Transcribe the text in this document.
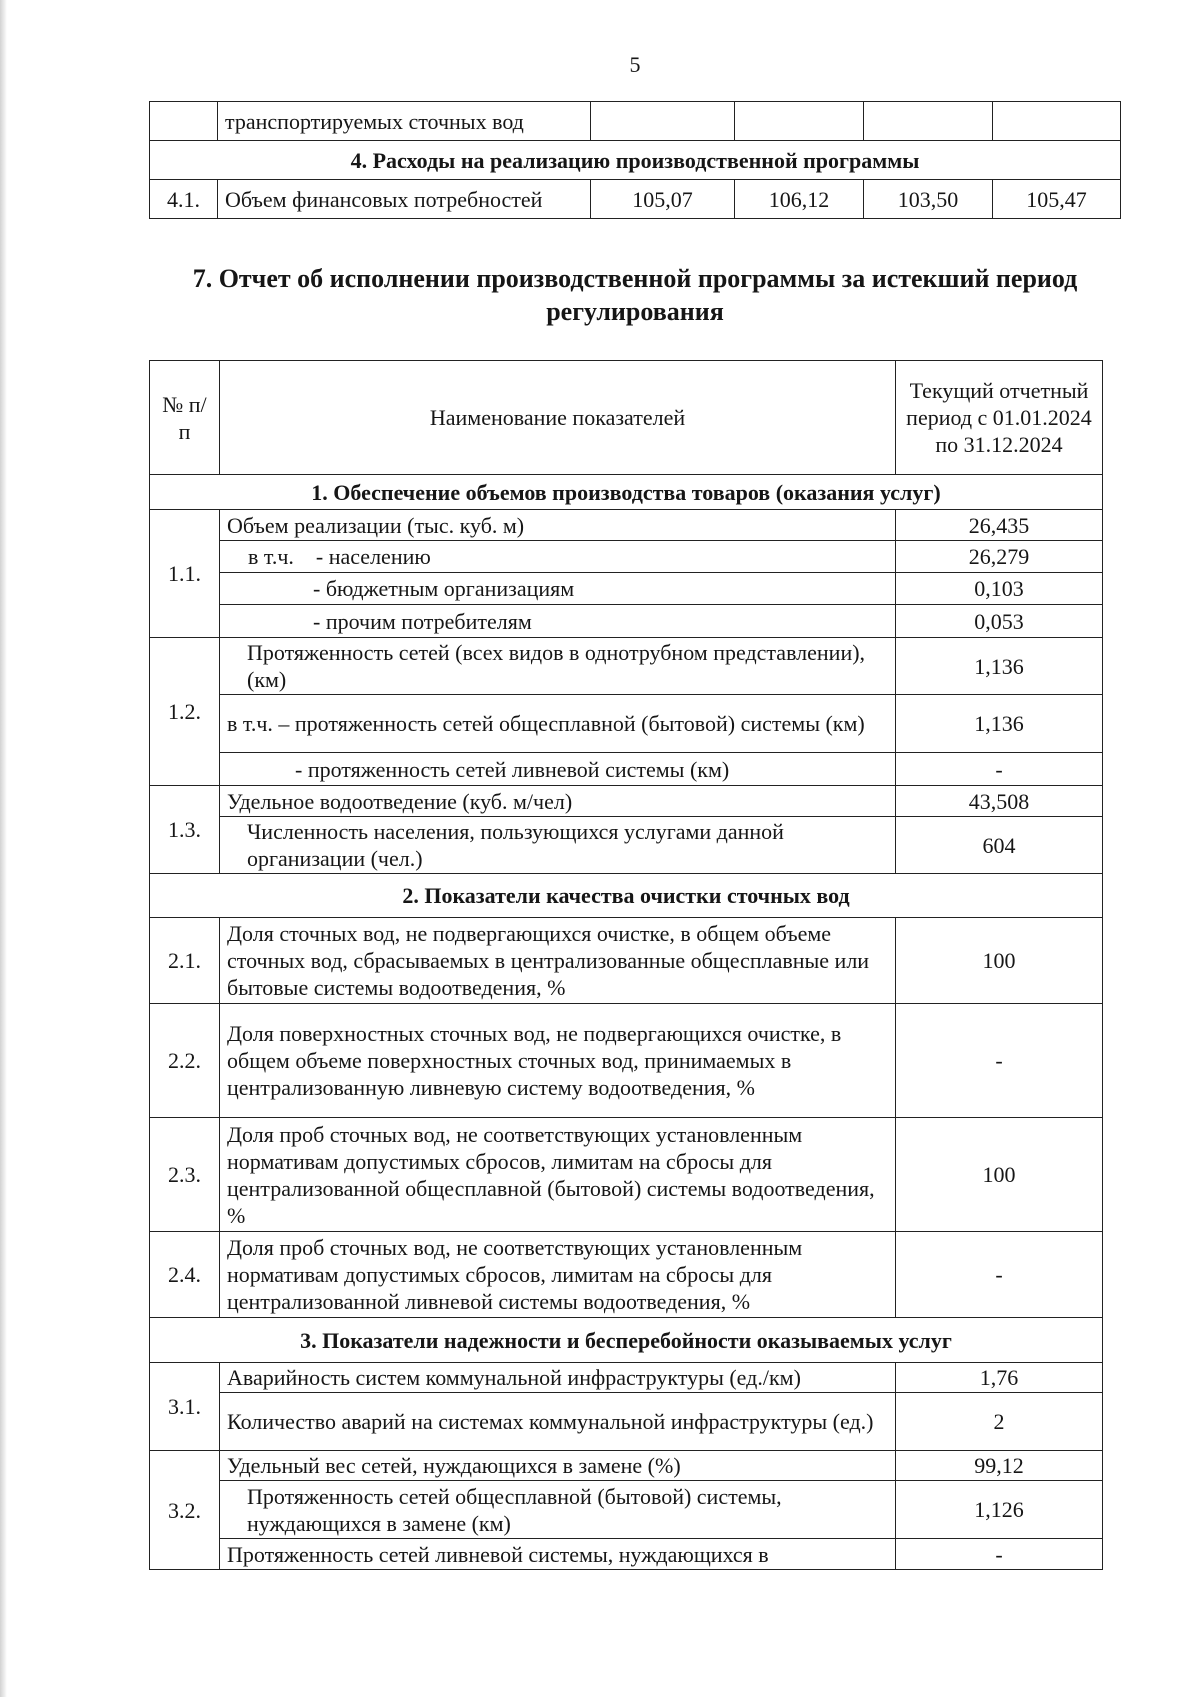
5
	транспортируемых сточных вод				
4. Расходы на реализацию производственной программы					
4.1.	Объем финансовых потребностей	105,07	106,12	103,50	105,47
7. Отчет об исполнении производственной программы за истекший период
регулирования
№ п/п	Наименование показателей	Текущий отчетный период с 01.01.2024 по 31.12.2024
1. Обеспечение объемов производства товаров (оказания услуг)		
1.1.	Объем реализации (тыс. куб. м)	26,435
	в т.ч.    - населению	26,279
	- бюджетным организациям	0,103
	- прочим потребителям	0,053
1.2.	Протяженность сетей (всех видов в однотрубном представлении), (км)	1,136
	в т.ч. – протяженность сетей общесплавной (бытовой) системы (км)	1,136
	- протяженность сетей ливневой системы (км)	-
1.3.	Удельное водоотведение (куб. м/чел)	43,508
	Численность населения, пользующихся услугами данной организации (чел.)	604
2. Показатели качества очистки сточных вод		
2.1.	Доля сточных вод, не подвергающихся очистке, в общем объеме сточных вод, сбрасываемых в централизованные общесплавные или бытовые системы водоотведения, %	100
2.2.	Доля поверхностных сточных вод, не подвергающихся очистке, в общем объеме поверхностных сточных вод, принимаемых в централизованную ливневую систему водоотведения, %	-
2.3.	Доля проб сточных вод, не соответствующих установленным нормативам допустимых сбросов, лимитам на сбросы для централизованной общесплавной (бытовой) системы водоотведения, %	100
2.4.	Доля проб сточных вод, не соответствующих установленным нормативам допустимых сбросов, лимитам на сбросы для централизованной ливневой системы водоотведения, %	-
3. Показатели надежности и бесперебойности оказываемых услуг		
3.1.	Аварийность систем коммунальной инфраструктуры (ед./км)	1,76
	Количество аварий на системах коммунальной инфраструктуры (ед.)	2
3.2.	Удельный вес сетей, нуждающихся в замене (%)	99,12
	Протяженность сетей общесплавной (бытовой) системы, нуждающихся в замене (км)	1,126
	Протяженность сетей ливневой системы, нуждающихся в	-
